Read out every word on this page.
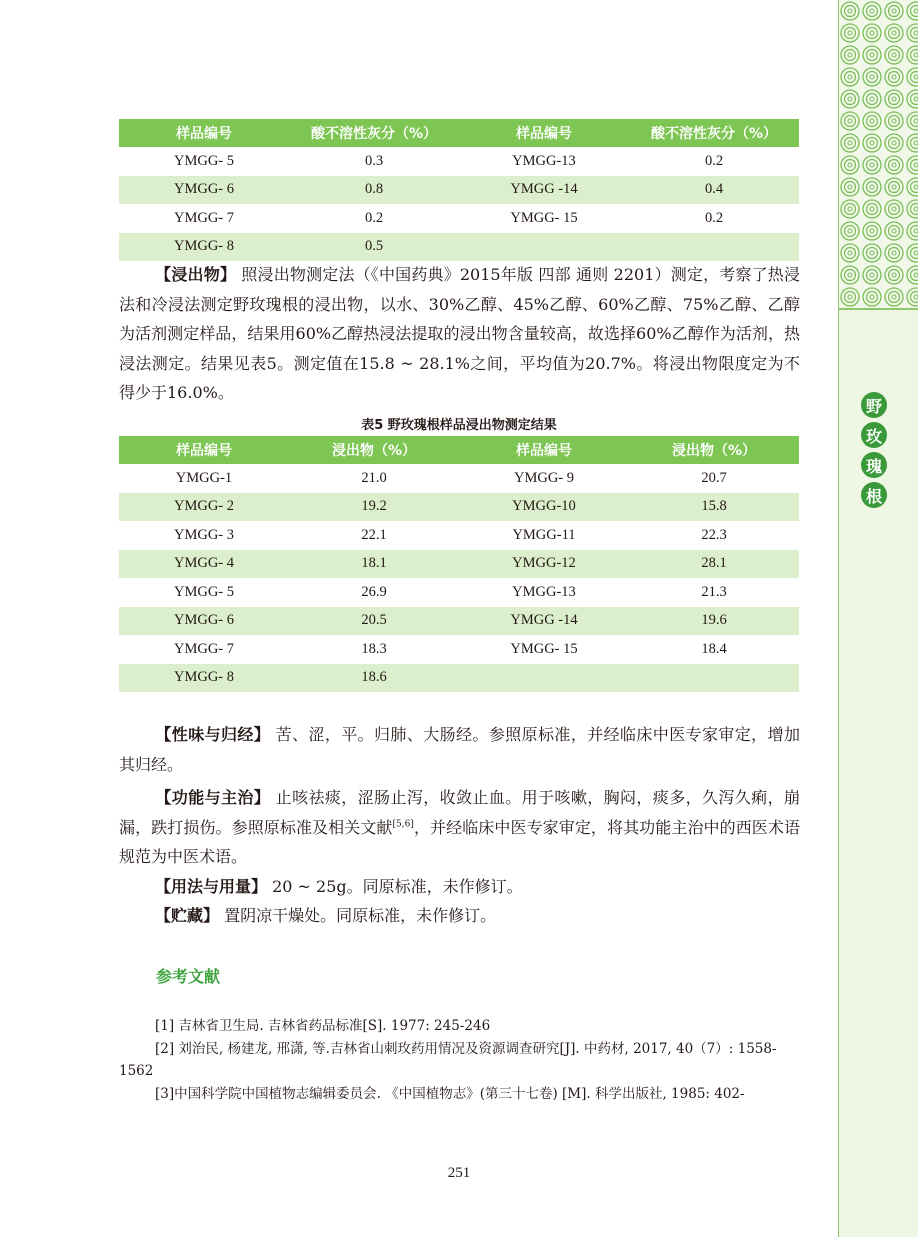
野
玫
瑰
根
样品编号	酸不溶性灰分（%）	样品编号	酸不溶性灰分（%）
YMGG- 5	0.3	YMGG-13	0.2
YMGG- 6	0.8	YMGG -14	0.4
YMGG- 7	0.2	YMGG- 15	0.2
YMGG- 8	0.5		

【浸出物】 照浸出物测定法（《中国药典》2015年版 四部 通则 2201）测定，考察了热浸法和冷浸法测定野玫瑰根的浸出物，以水、30%乙醇、45%乙醇、60%乙醇、75%乙醇、乙醇为活剂测定样品，结果用60%乙醇热浸法提取的浸出物含量较高，故选择60%乙醇作为活剂，热浸法测定。结果见表5。测定值在15.8 ~ 28.1%之间，平均值为20.7%。将浸出物限度定为不得少于16.0%。

表5 野玫瑰根样品浸出物测定结果
样品编号	浸出物（%）	样品编号	浸出物（%）
YMGG-1	21.0	YMGG- 9	20.7
YMGG- 2	19.2	YMGG-10	15.8
YMGG- 3	22.1	YMGG-11	22.3
YMGG- 4	18.1	YMGG-12	28.1
YMGG- 5	26.9	YMGG-13	21.3
YMGG- 6	20.5	YMGG -14	19.6
YMGG- 7	18.3	YMGG- 15	18.4
YMGG- 8	18.6		

【性味与归经】 苦、涩，平。归肺、大肠经。参照原标准，并经临床中医专家审定，增加其归经。

【功能与主治】 止咳祛痰，涩肠止泻，收敛止血。用于咳嗽，胸闷，痰多，久泻久痢，崩漏，跌打损伤。参照原标准及相关文献[5,6]，并经临床中医专家审定，将其功能主治中的西医术语规范为中医术语。

【用法与用量】 20 ~ 25g。同原标准，未作修订。

【贮藏】 置阴凉干燥处。同原标准，未作修订。

参考文献

[1] 吉林省卫生局. 吉林省药品标准[S]. 1977: 245-246

[2] 刘治民, 杨建龙, 邢潇, 等.吉林省山刺玫药用情况及资源调查研究[J]. 中药材, 2017, 40（7）: 1558-1562

[3]中国科学院中国植物志编辑委员会. 《中国植物志》(第三十七卷) [M]. 科学出版社, 1985: 402-

251
